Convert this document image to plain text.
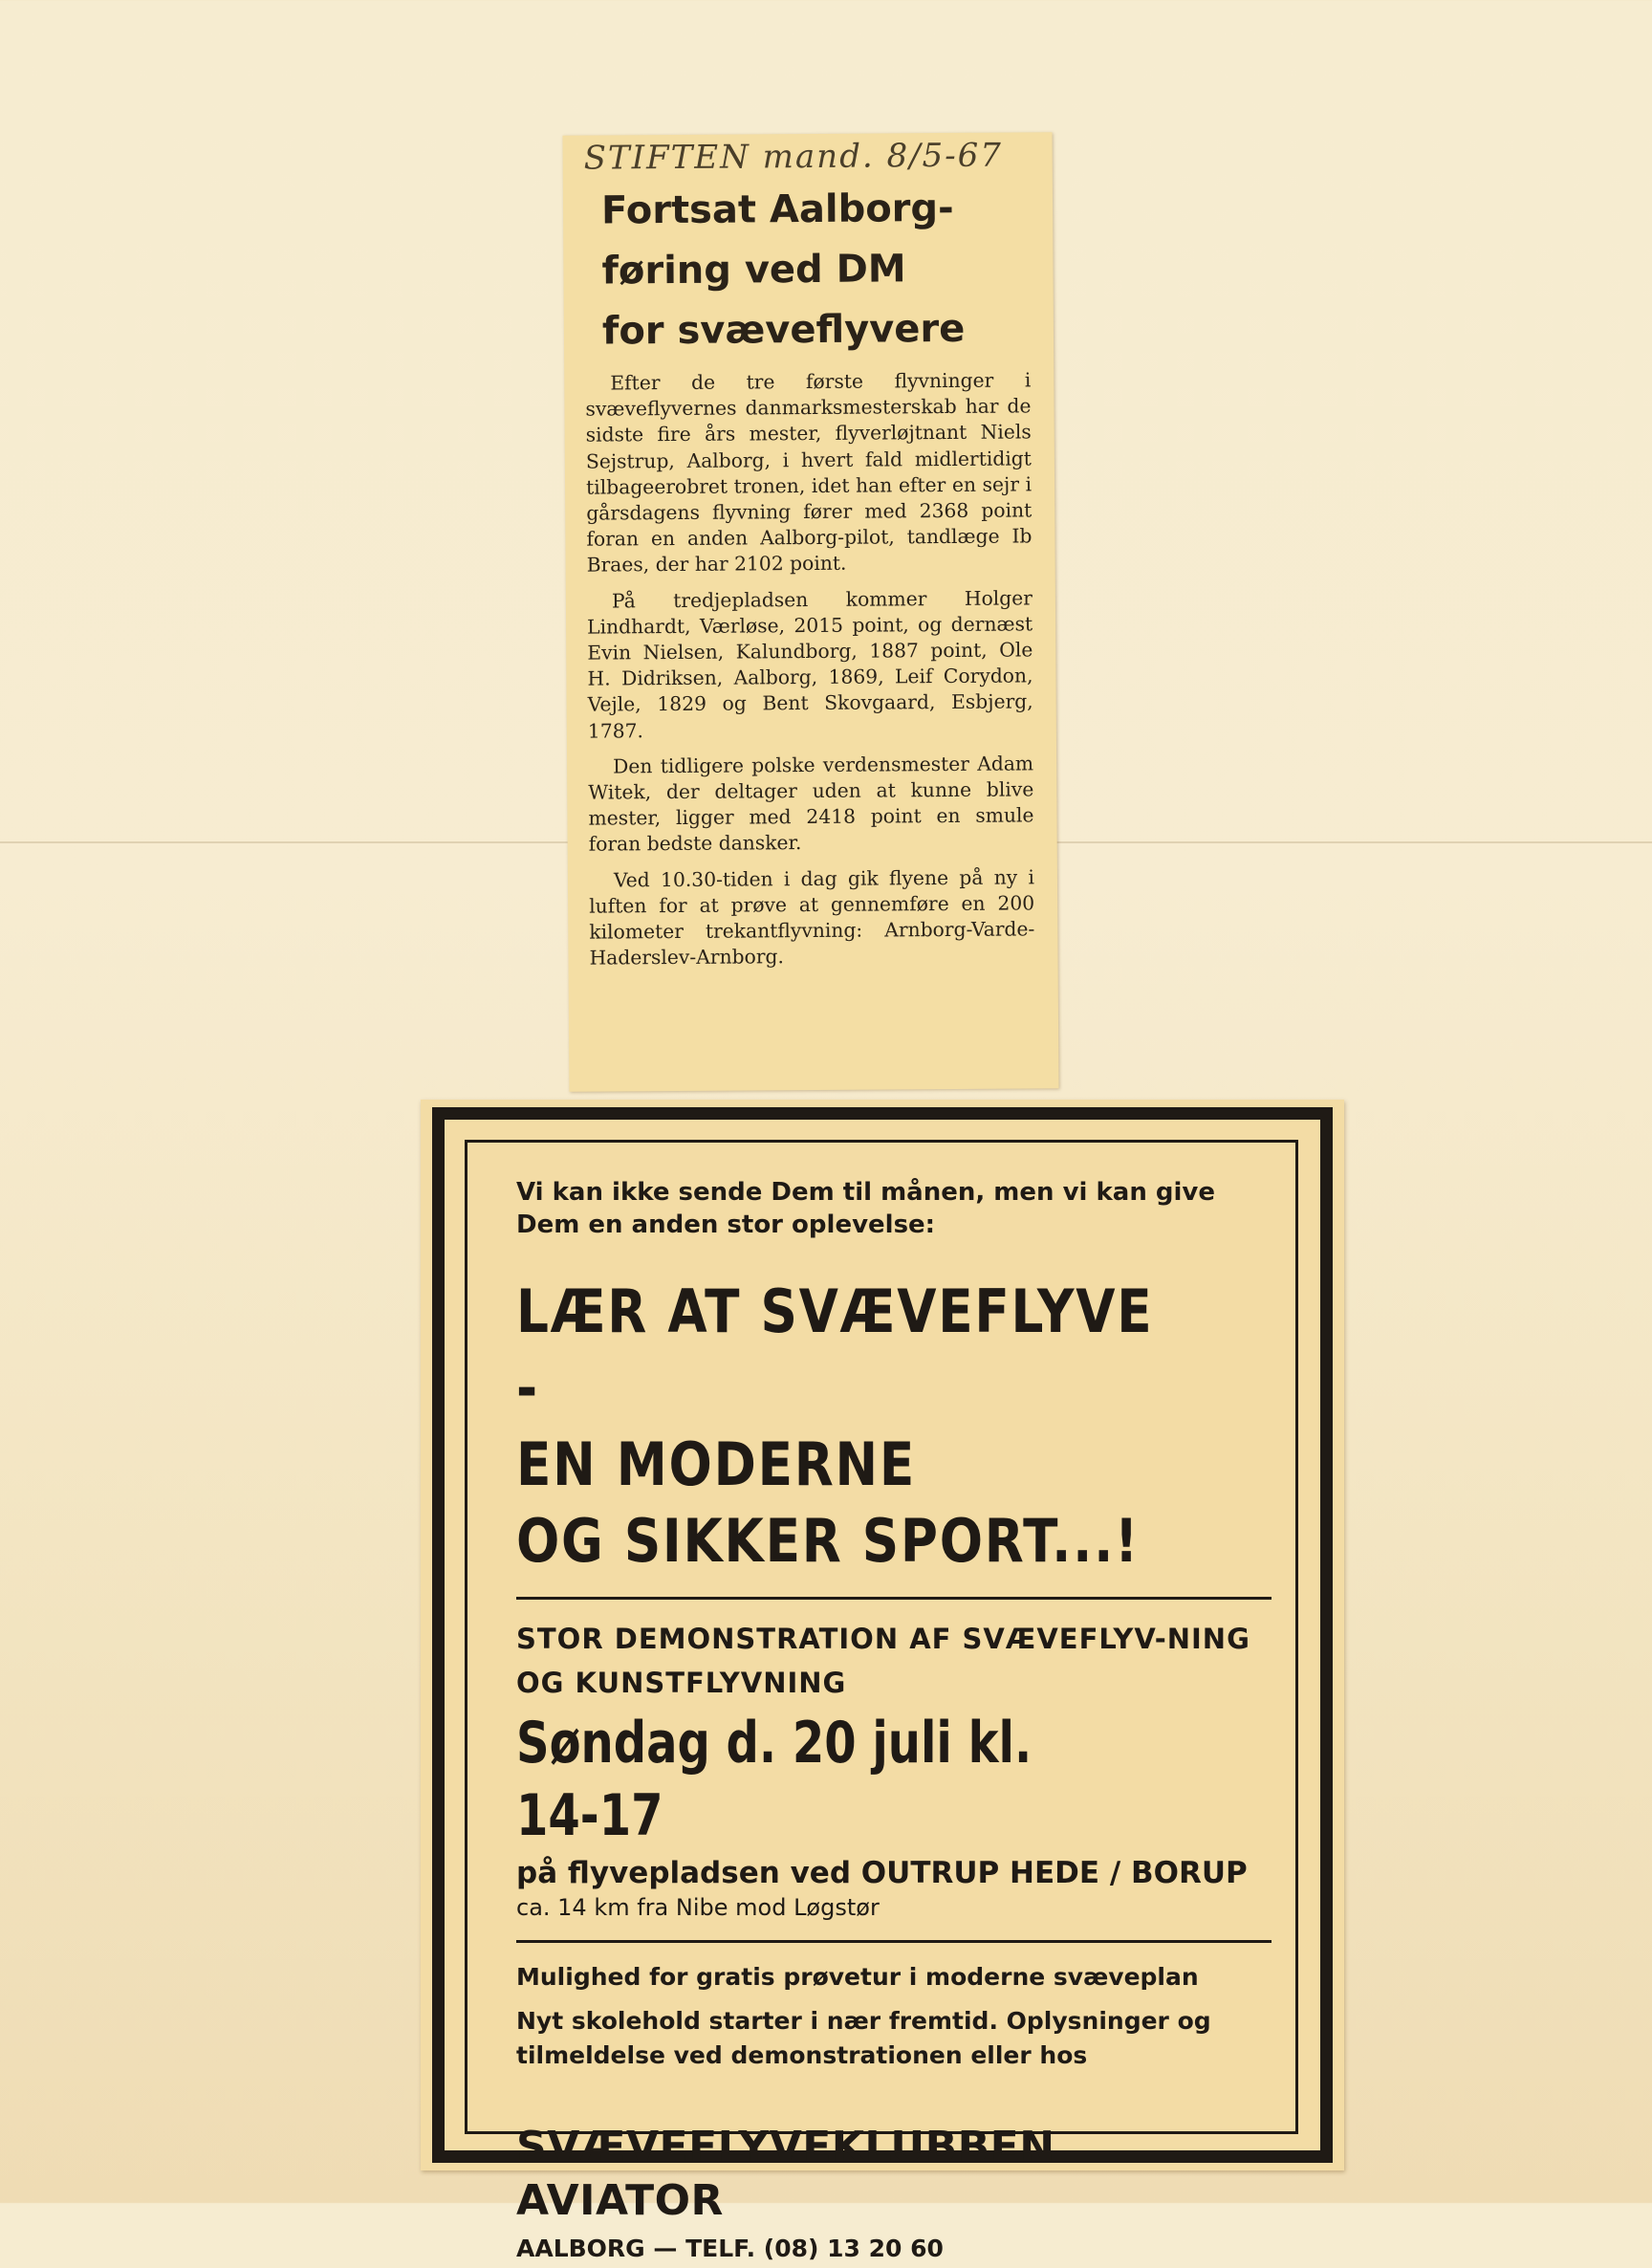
STIFTEN mand. 8/5-67
Fortsat Aalborg-
føring ved DM
for svæveflyvere

Efter de tre første flyvninger i svæveflyvernes danmarksmesterskab har de sidste fire års mester, flyverløjtnant Niels Sejstrup, Aalborg, i hvert fald midlertidigt tilbageerobret tronen, idet han efter en sejr i gårsdagens flyvning fører med 2368 point foran en anden Aalborg-pilot, tandlæge Ib Braes, der har 2102 point.

På tredjepladsen kommer Holger Lindhardt, Værløse, 2015 point, og dernæst Evin Nielsen, Kalundborg, 1887 point, Ole H. Didriksen, Aalborg, 1869, Leif Corydon, Vejle, 1829 og Bent Skovgaard, Esbjerg, 1787.

Den tidligere polske verdensmester Adam Witek, der deltager uden at kunne blive mester, ligger med 2418 point en smule foran bedste dansker.

Ved 10.30-tiden i dag gik flyene på ny i luften for at prøve at gennemføre en 200 kilometer trekantflyvning: Arnborg-Varde-Haderslev-Arnborg.

Vi kan ikke sende Dem til månen, men vi kan give Dem en anden stor oplevelse:
LÆR AT SVÆVEFLYVE -
EN MODERNE
OG SIKKER SPORT...!
STOR DEMONSTRATION AF SVÆVEFLYV-NING OG KUNSTFLYVNING
Søndag d. 20 juli kl. 14-17
på flyvepladsen ved OUTRUP HEDE / BORUP
ca. 14 km fra Nibe mod Løgstør
Mulighed for gratis prøvetur i moderne svæveplan
Nyt skolehold starter i nær fremtid. Oplysninger og tilmeldelse ved demonstrationen eller hos
SVÆVEFLYVEKLUBBEN AVIATOR
AALBORG — TELF. (08) 13 20 60
